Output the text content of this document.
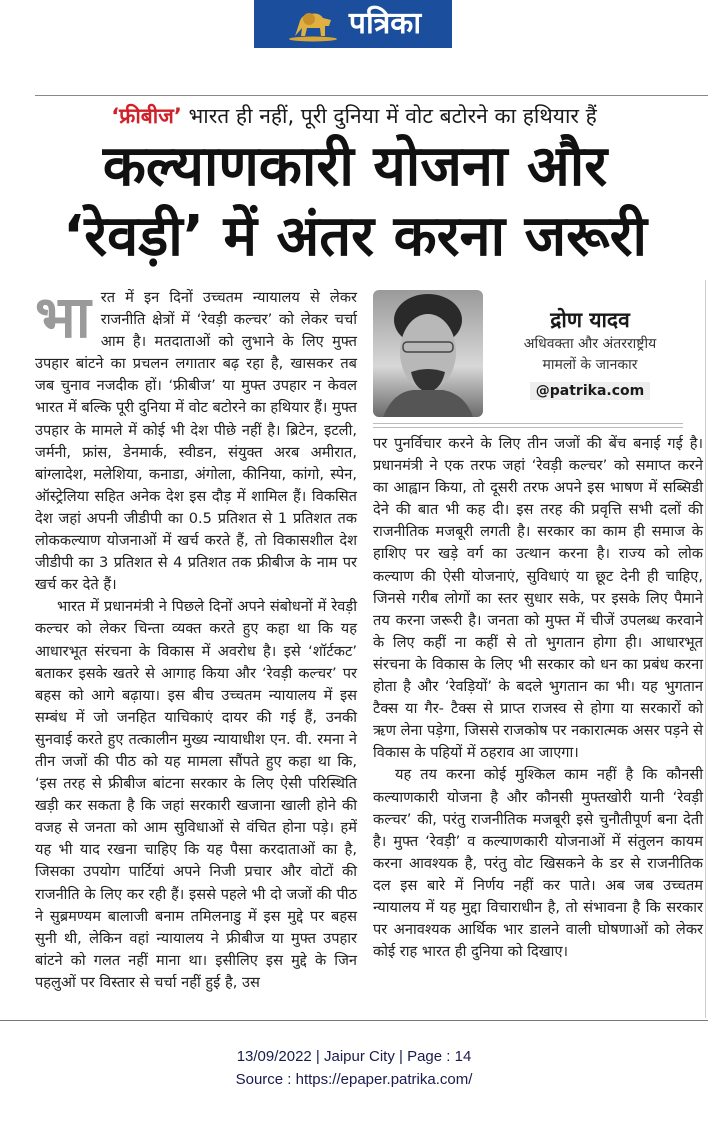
पत्रिका
‘फ्रीबीज’ भारत ही नहीं, पूरी दुनिया में वोट बटोरने का हथियार हैं
कल्याणकारी योजना और
‘रेवड़ी’ में अंतर करना जरूरी

भारत में इन दिनों उच्चतम न्यायालय से लेकर राजनीति क्षेत्रों में ‘रेवड़ी कल्चर’ को लेकर चर्चा आम है। मतदाताओं को लुभाने के लिए मुफ्त उपहार बांटने का प्रचलन लगातार बढ़ रहा है, खासकर तब जब चुनाव नजदीक हों। ‘फ्रीबीज’ या मुफ्त उपहार न केवल भारत में बल्कि पूरी दुनिया में वोट बटोरने का हथियार हैं। मुफ्त उपहार के मामले में कोई भी देश पीछे नहीं है। ब्रिटेन, इटली, जर्मनी, फ्रांस, डेनमार्क, स्वीडन, संयुक्त अरब अमीरात, बांग्लादेश, मलेशिया, कनाडा, अंगोला, कीनिया, कांगो, स्पेन, ऑस्ट्रेलिया सहित अनेक देश इस दौड़ में शामिल हैं। विकसित देश जहां अपनी जीडीपी का 0.5 प्रतिशत से 1 प्रतिशत तक लोककल्याण योजनाओं में खर्च करते हैं, तो विकासशील देश जीडीपी का 3 प्रतिशत से 4 प्रतिशत तक फ्रीबीज के नाम पर खर्च कर देते हैं।

भारत में प्रधानमंत्री ने पिछले दिनों अपने संबोधनों में रेवड़ी कल्चर को लेकर चिन्ता व्यक्त करते हुए कहा था कि यह आधारभूत संरचना के विकास में अवरोध है। इसे ‘शॉर्टकट’ बताकर इसके खतरे से आगाह किया और ‘रेवड़ी कल्चर’ पर बहस को आगे बढ़ाया। इस बीच उच्चतम न्यायालय में इस सम्बंध में जो जनहित याचिकाएं दायर की गई हैं, उनकी सुनवाई करते हुए तत्कालीन मुख्य न्यायाधीश एन. वी. रमना ने तीन जजों की पीठ को यह मामला सौंपते हुए कहा था कि, ‘इस तरह से फ्रीबीज बांटना सरकार के लिए ऐसी परिस्थिति खड़ी कर सकता है कि जहां सरकारी खजाना खाली होने की वजह से जनता को आम सुविधाओं से वंचित होना पड़े। हमें यह भी याद रखना चाहिए कि यह पैसा करदाताओं का है, जिसका उपयोग पार्टियां अपने निजी प्रचार और वोटों की राजनीति के लिए कर रही हैं। इससे पहले भी दो जजों की पीठ ने सुब्रमण्यम बालाजी बनाम तमिलनाडु में इस मुद्दे पर बहस सुनी थी, लेकिन वहां न्यायालय ने फ्रीबीज या मुफ्त उपहार बांटने को गलत नहीं माना था। इसीलिए इस मुद्दे के जिन पहलुओं पर विस्तार से चर्चा नहीं हुई है, उस

द्रोण यादव
अधिवक्ता और अंतरराष्ट्रीय
मामलों के जानकार
@patrika.com

पर पुनर्विचार करने के लिए तीन जजों की बेंच बनाई गई है। प्रधानमंत्री ने एक तरफ जहां ‘रेवड़ी कल्चर’ को समाप्त करने का आह्वान किया, तो दूसरी तरफ अपने इस भाषण में सब्सिडी देने की बात भी कह दी। इस तरह की प्रवृत्ति सभी दलों की राजनीतिक मजबूरी लगती है। सरकार का काम ही समाज के हाशिए पर खड़े वर्ग का उत्थान करना है। राज्य को लोक कल्याण की ऐसी योजनाएं, सुविधाएं या छूट देनी ही चाहिए, जिनसे गरीब लोगों का स्तर सुधार सके, पर इसके लिए पैमाने तय करना जरूरी है। जनता को मुफ्त में चीजें उपलब्ध करवाने के लिए कहीं ना कहीं से तो भुगतान होगा ही। आधारभूत संरचना के विकास के लिए भी सरकार को धन का प्रबंध करना होता है और ‘रेवड़ियों’ के बदले भुगतान का भी। यह भुगतान टैक्स या गैर- टैक्स से प्राप्त राजस्व से होगा या सरकारों को ऋण लेना पड़ेगा, जिससे राजकोष पर नकारात्मक असर पड़ने से विकास के पहियों में ठहराव आ जाएगा।

यह तय करना कोई मुश्किल काम नहीं है कि कौनसी कल्याणकारी योजना है और कौनसी मुफ्तखोरी यानी ‘रेवड़ी कल्चर’ की, परंतु राजनीतिक मजबूरी इसे चुनौतीपूर्ण बना देती है। मुफ्त ‘रेवड़ी’ व कल्याणकारी योजनाओं में संतुलन कायम करना आवश्यक है, परंतु वोट खिसकने के डर से राजनीतिक दल इस बारे में निर्णय नहीं कर पाते। अब जब उच्चतम न्यायालय में यह मुद्दा विचाराधीन है, तो संभावना है कि सरकार पर अनावश्यक आर्थिक भार डालने वाली घोषणाओं को लेकर कोई राह भारत ही दुनिया को दिखाए।

13/09/2022 | Jaipur City | Page : 14
Source : https://epaper.patrika.com/
